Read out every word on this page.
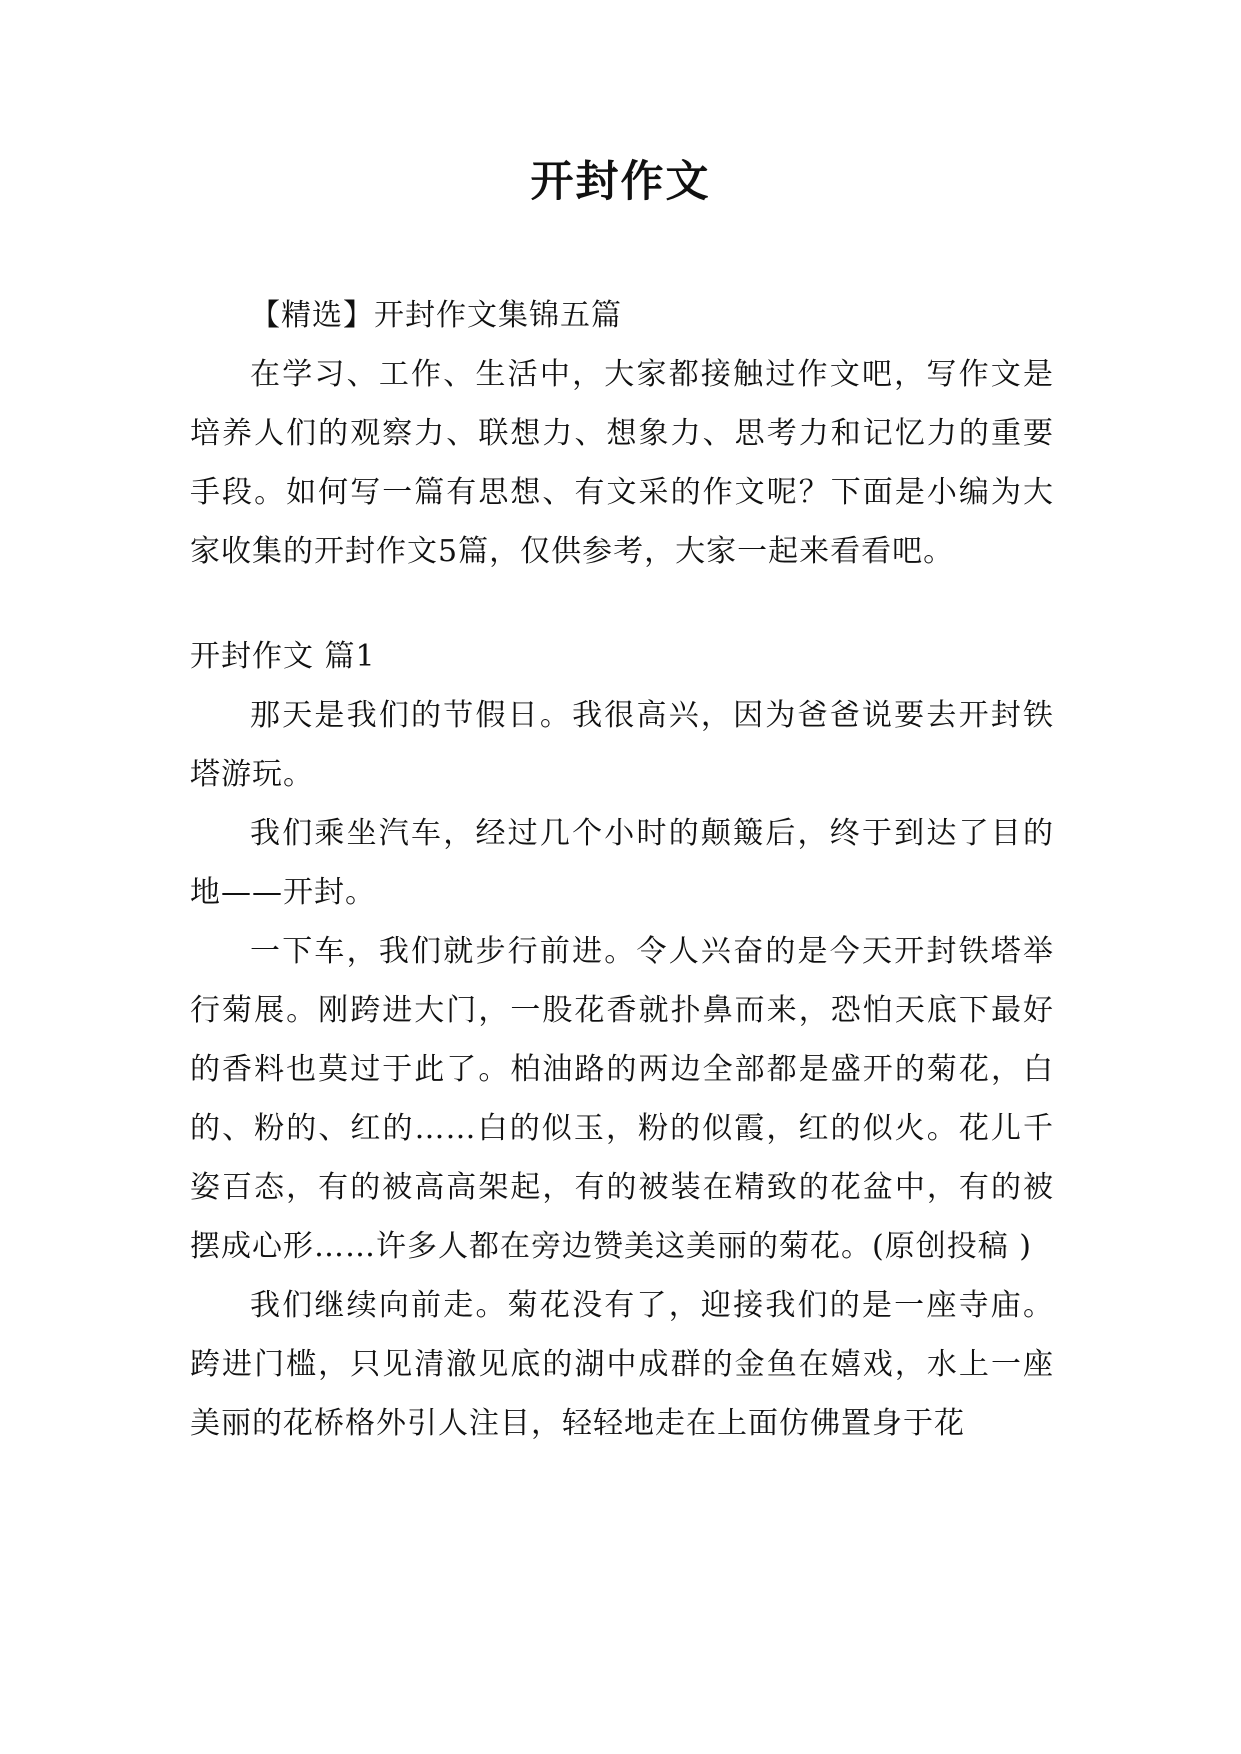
开封作文

【精选】开封作文集锦五篇

在学习、工作、生活中，大家都接触过作文吧，写作文是培养人们的观察力、联想力、想象力、思考力和记忆力的重要手段。如何写一篇有思想、有文采的作文呢？下面是小编为大家收集的开封作文5篇，仅供参考，大家一起来看看吧。

开封作文 篇1

那天是我们的节假日。我很高兴，因为爸爸说要去开封铁塔游玩。

我们乘坐汽车，经过几个小时的颠簸后，终于到达了目的地——开封。

一下车，我们就步行前进。令人兴奋的是今天开封铁塔举行菊展。刚跨进大门，一股花香就扑鼻而来，恐怕天底下最好的香料也莫过于此了。柏油路的两边全部都是盛开的菊花，白的、粉的、红的……白的似玉，粉的似霞，红的似火。花儿千姿百态，有的被高高架起，有的被装在精致的花盆中，有的被摆成心形……许多人都在旁边赞美这美丽的菊花。(原创投稿 )

我们继续向前走。菊花没有了，迎接我们的是一座寺庙。跨进门槛，只见清澈见底的湖中成群的金鱼在嬉戏，水上一座美丽的花桥格外引人注目，轻轻地走在上面仿佛置身于花
